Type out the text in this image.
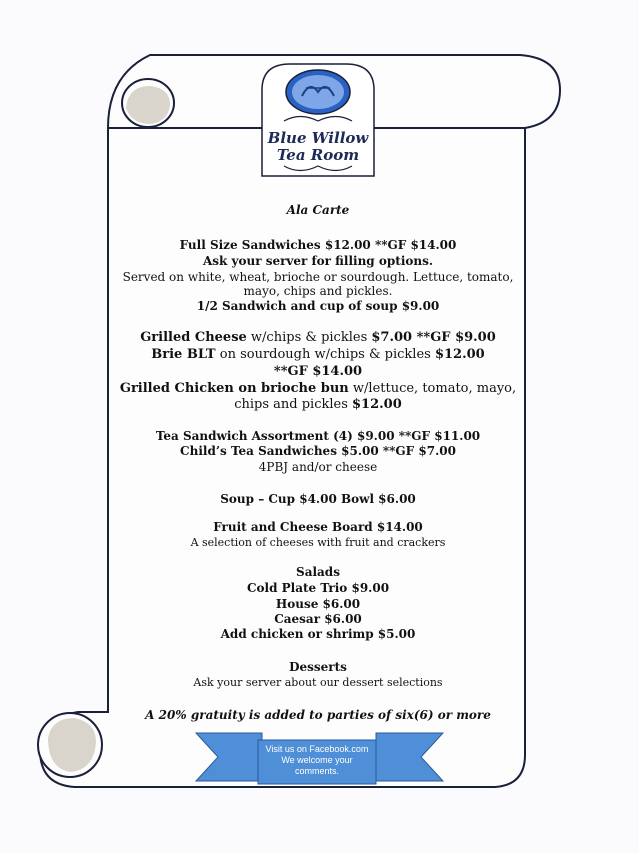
Blue Willow
Tea Room
Ala Carte
Full Size Sandwiches $12.00 **GF $14.00
Ask your server for filling options.
Served on white, wheat, brioche or sourdough. Lettuce, tomato,
mayo, chips and pickles.
1/2 Sandwich and cup of soup $9.00
Grilled Cheese w/chips & pickles $7.00 **GF $9.00
Brie BLT on sourdough w/chips & pickles $12.00
**GF $14.00
Grilled Chicken on brioche bun w/lettuce, tomato, mayo,
chips and pickles $12.00
Tea Sandwich Assortment (4) $9.00 **GF $11.00
Child’s Tea Sandwiches $5.00 **GF $7.00
4PBJ and/or cheese
Soup – Cup $4.00 Bowl $6.00
Fruit and Cheese Board $14.00
A selection of cheeses with fruit and crackers
Salads
Cold Plate Trio $9.00
House $6.00
Caesar $6.00
Add chicken or shrimp $5.00
Desserts
Ask your server about our dessert selections
A 20% gratuity is added to parties of six(6) or more
Visit us on Facebook.com
We welcome your
comments.
